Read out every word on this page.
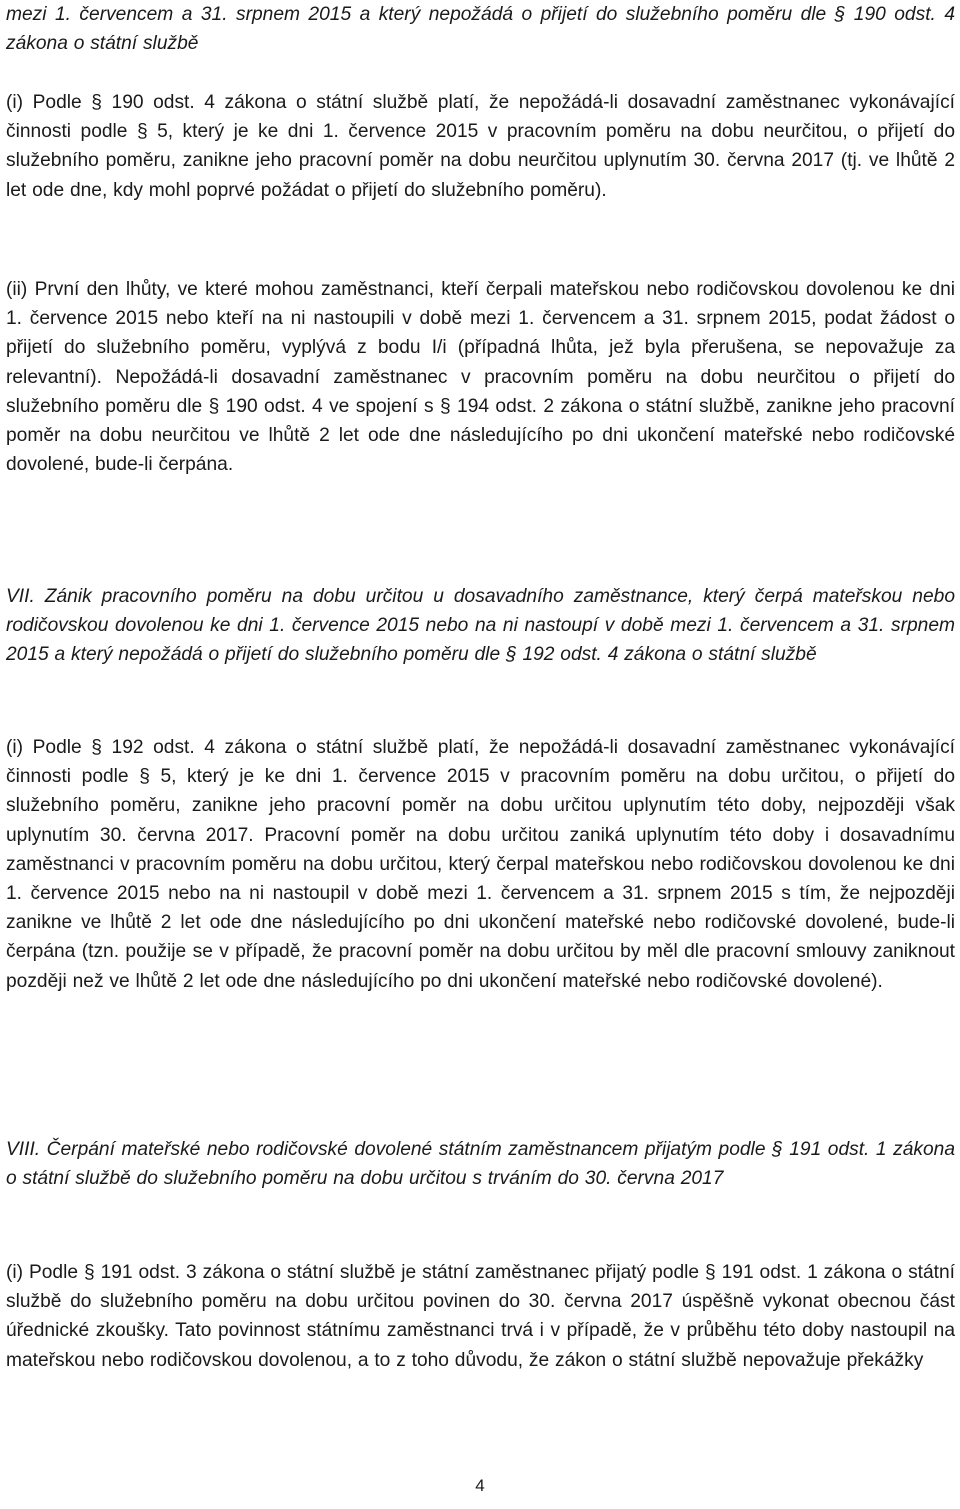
mezi 1. červencem a 31. srpnem 2015 a který nepožádá o přijetí do služebního poměru dle § 190 odst. 4 zákona o státní službě

(i) Podle § 190 odst. 4 zákona o státní službě platí, že nepožádá-li dosavadní zaměstnanec vykonávající činnosti podle § 5, který je ke dni 1. července 2015 v pracovním poměru na dobu neurčitou, o přijetí do služebního poměru, zanikne jeho pracovní poměr na dobu neurčitou uplynutím 30. června 2017 (tj. ve lhůtě 2 let ode dne, kdy mohl poprvé požádat o přijetí do služebního poměru).

(ii) První den lhůty, ve které mohou zaměstnanci, kteří čerpali mateřskou nebo rodičovskou dovolenou ke dni 1. července 2015 nebo kteří na ni nastoupili v době mezi 1. červencem a 31. srpnem 2015, podat žádost o přijetí do služebního poměru, vyplývá z bodu I/i (případná lhůta, jež byla přerušena, se nepovažuje za relevantní). Nepožádá-li dosavadní zaměstnanec v pracovním poměru na dobu neurčitou o přijetí do služebního poměru dle § 190 odst. 4 ve spojení s § 194 odst. 2 zákona o státní službě, zanikne jeho pracovní poměr na dobu neurčitou ve lhůtě 2 let ode dne následujícího po dni ukončení mateřské nebo rodičovské dovolené, bude-li čerpána.

VII. Zánik pracovního poměru na dobu určitou u dosavadního zaměstnance, který čerpá mateřskou nebo rodičovskou dovolenou ke dni 1. července 2015 nebo na ni nastoupí v době mezi 1. červencem a 31. srpnem 2015 a který nepožádá o přijetí do služebního poměru dle § 192 odst. 4 zákona o státní službě

(i) Podle § 192 odst. 4 zákona o státní službě platí, že nepožádá-li dosavadní zaměstnanec vykonávající činnosti podle § 5, který je ke dni 1. července 2015 v pracovním poměru na dobu určitou, o přijetí do služebního poměru, zanikne jeho pracovní poměr na dobu určitou uplynutím této doby, nejpozději však uplynutím 30. června 2017. Pracovní poměr na dobu určitou zaniká uplynutím této doby i dosavadnímu zaměstnanci v pracovním poměru na dobu určitou, který čerpal mateřskou nebo rodičovskou dovolenou ke dni 1. července 2015 nebo na ni nastoupil v době mezi 1. červencem a 31. srpnem 2015 s tím, že nejpozději zanikne ve lhůtě 2 let ode dne následujícího po dni ukončení mateřské nebo rodičovské dovolené, bude-li čerpána (tzn. použije se v případě, že pracovní poměr na dobu určitou by měl dle pracovní smlouvy zaniknout později než ve lhůtě 2 let ode dne následujícího po dni ukončení mateřské nebo rodičovské dovolené).

VIII. Čerpání mateřské nebo rodičovské dovolené státním zaměstnancem přijatým podle § 191 odst. 1 zákona o státní službě do služebního poměru na dobu určitou s trváním do 30. června 2017

(i) Podle § 191 odst. 3 zákona o státní službě je státní zaměstnanec přijatý podle § 191 odst. 1 zákona o státní službě do služebního poměru na dobu určitou povinen do 30. června 2017 úspěšně vykonat obecnou část úřednické zkoušky. Tato povinnost státnímu zaměstnanci trvá i v případě, že v průběhu této doby nastoupil na mateřskou nebo rodičovskou dovolenou, a to z toho důvodu, že zákon o státní službě nepovažuje překážky

4
